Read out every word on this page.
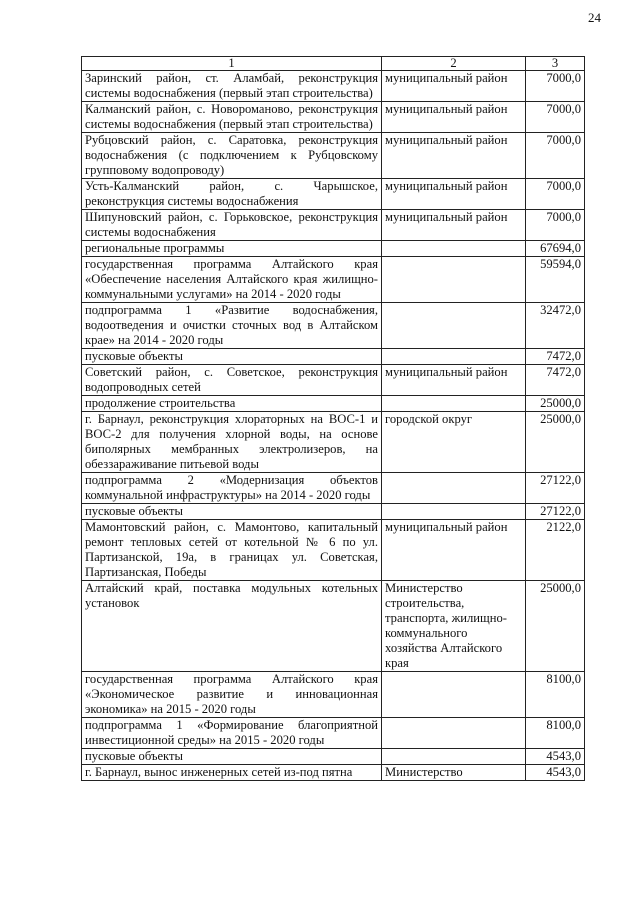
24
1	2	3
Заринский район, ст. Аламбай, реконструкция системы водоснабжения (первый этап строительства)	муниципальный район	7000,0
Калманский район, с. Новороманово, реконструкция системы водоснабжения (первый этап строительства)	муниципальный район	7000,0
Рубцовский район, с. Саратовка, реконструкция водоснабжения (с подключением к Рубцовскому групповому водопроводу)	муниципальный район	7000,0
Усть-Калманский район, с. Чарышское, реконструкция системы водоснабжения	муниципальный район	7000,0
Шипуновский район, с. Горьковское, реконструкция системы водоснабжения	муниципальный район	7000,0
региональные программы		67694,0
государственная программа Алтайского края «Обеспечение населения Алтайского края жилищно-коммунальными услугами» на 2014 - 2020 годы		59594,0
подпрограмма 1 «Развитие водоснабжения, водоотведения и очистки сточных вод в Алтайском крае» на 2014 - 2020 годы		32472,0
пусковые объекты		7472,0
Советский район, с. Советское, реконструкция водопроводных сетей	муниципальный район	7472,0
продолжение строительства		25000,0
г. Барнаул, реконструкция хлораторных на ВОС-1 и ВОС-2 для получения хлорной воды, на основе биполярных мембранных электролизеров, на обеззараживание питьевой воды	городской округ	25000,0
подпрограмма 2 «Модернизация объектов коммунальной инфраструктуры» на 2014 - 2020 годы		27122,0
пусковые объекты		27122,0
Мамонтовский район, с. Мамонтово, капитальный ремонт тепловых сетей от котельной № 6 по ул. Партизанской, 19а, в границах ул. Советская, Партизанская, Победы	муниципальный район	2122,0
Алтайский край, поставка модульных котельных установок	Министерство строительства, транспорта, жилищно-коммунального хозяйства Алтайского края	25000,0
государственная программа Алтайского края «Экономическое развитие и инновационная экономика» на 2015 - 2020 годы		8100,0
подпрограмма 1 «Формирование благоприятной инвестиционной среды» на 2015 - 2020 годы		8100,0
пусковые объекты		4543,0
г. Барнаул, вынос инженерных сетей из-под пятна	Министерство	4543,0
